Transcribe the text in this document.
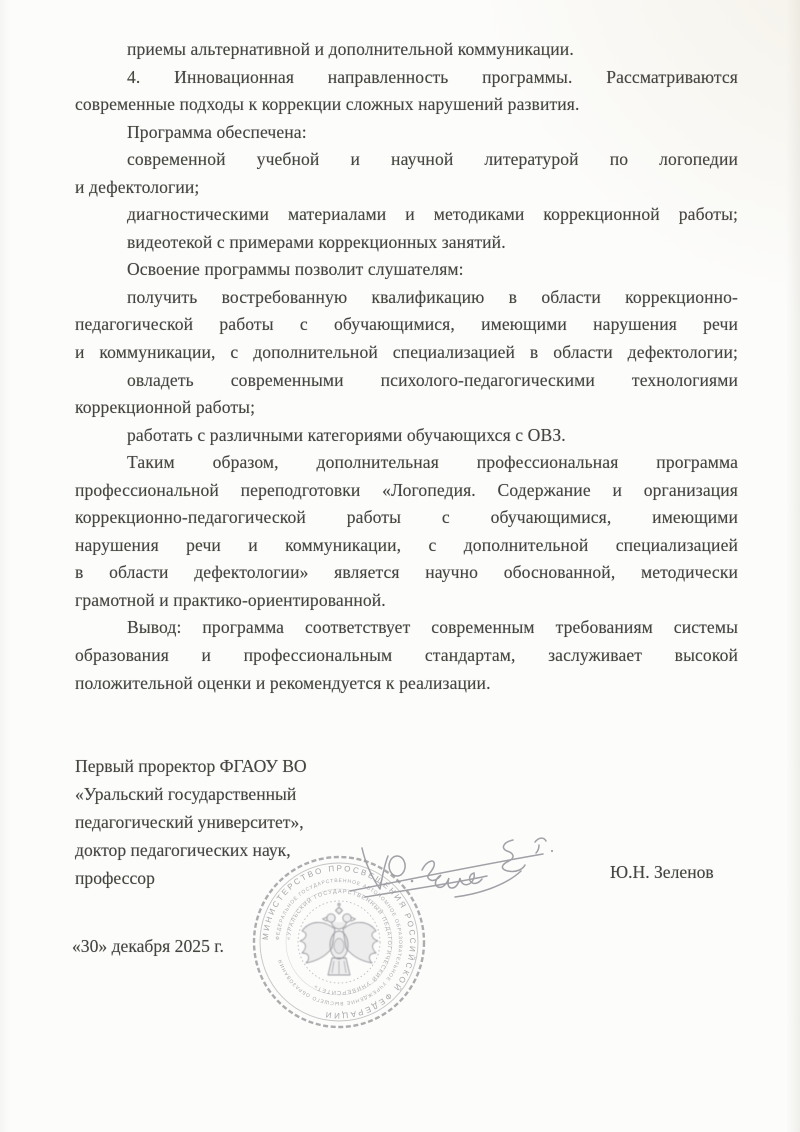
приемы альтернативной и дополнительной коммуникации.
4. Инновационная направленность программы. Рассматриваются
современные подходы к коррекции сложных нарушений развития.
Программа обеспечена:
современной учебной и научной литературой по логопедии
и дефектологии;
диагностическими материалами и методиками коррекционной работы;
видеотекой с примерами коррекционных занятий.
Освоение программы позволит слушателям:
получить востребованную квалификацию в области коррекционно-
педагогической работы с обучающимися, имеющими нарушения речи
и коммуникации, с дополнительной специализацией в области дефектологии;
овладеть современными психолого-педагогическими технологиями
коррекционной работы;
работать с различными категориями обучающихся с ОВЗ.
Таким образом, дополнительная профессиональная программа
профессиональной переподготовки «Логопедия. Содержание и организация
коррекционно-педагогической работы с обучающимися, имеющими
нарушения речи и коммуникации, с дополнительной специализацией
в области дефектологии» является научно обоснованной, методически
грамотной и практико-ориентированной.
Вывод: программа соответствует современным требованиям системы
образования и профессиональным стандартам, заслуживает высокой
положительной оценки и рекомендуется к реализации.
Первый проректор ФГАОУ ВО
«Уральский государственный
педагогический университет»,
доктор педагогических наук,
профессор	Ю.Н. Зеленов
«30» декабря 2025 г.
МИНИСТЕРСТВО ПРОСВЕЩЕНИЯ РОССИЙСКОЙ ФЕДЕРАЦИИ
ФЕДЕРАЛЬНОЕ ГОСУДАРСТВЕННОЕ АВТОНОМНОЕ ОБРАЗОВАТЕЛЬНОЕ УЧРЕЖДЕНИЕ ВЫСШЕГО ОБРАЗОВАНИЯ
«УРАЛЬСКИЙ ГОСУДАРСТВЕННЫЙ ПЕДАГОГИЧЕСКИЙ УНИВЕРСИТЕТ»
